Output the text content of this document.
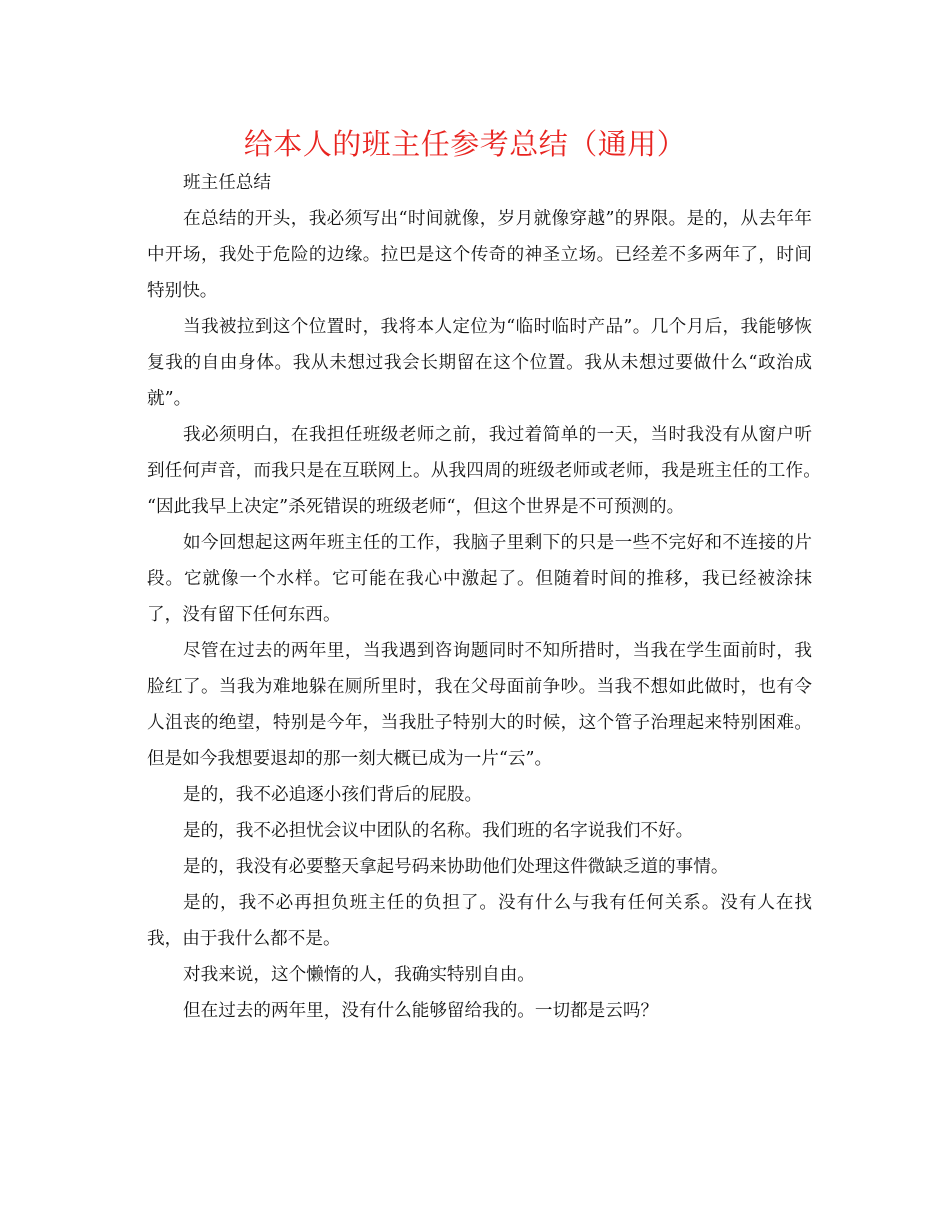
给本人的班主任参考总结（通用）

班主任总结

在总结的开头，我必须写出“时间就像，岁月就像穿越”的界限。是的，从去年年中开场，我处于危险的边缘。拉巴是这个传奇的神圣立场。已经差不多两年了，时间特别快。

当我被拉到这个位置时，我将本人定位为“临时临时产品”。几个月后，我能够恢复我的自由身体。我从未想过我会长期留在这个位置。我从未想过要做什么“政治成就”。

我必须明白，在我担任班级老师之前，我过着简单的一天，当时我没有从窗户听到任何声音，而我只是在互联网上。从我四周的班级老师或老师，我是班主任的工作。　“因此我早上决定”杀死错误的班级老师“，但这个世界是不可预测的。

如今回想起这两年班主任的工作，我脑子里剩下的只是一些不完好和不连接的片段。它就像一个水样。它可能在我心中激起了。但随着时间的推移，我已经被涂抹了，没有留下任何东西。

尽管在过去的两年里，当我遇到咨询题同时不知所措时，当我在学生面前时，我脸红了。当我为难地躲在厕所里时，我在父母面前争吵。当我不想如此做时，也有令人沮丧的绝望，特别是今年，当我肚子特别大的时候，这个管子治理起来特别困难。但是如今我想要退却的那一刻大概已成为一片“云”。

是的，我不必追逐小孩们背后的屁股。

是的，我不必担忧会议中团队的名称。我们班的名字说我们不好。

是的，我没有必要整天拿起号码来协助他们处理这件微缺乏道的事情。

是的，我不必再担负班主任的负担了。没有什么与我有任何关系。没有人在找我，由于我什么都不是。

对我来说，这个懒惰的人，我确实特别自由。

但在过去的两年里，没有什么能够留给我的。一切都是云吗？
